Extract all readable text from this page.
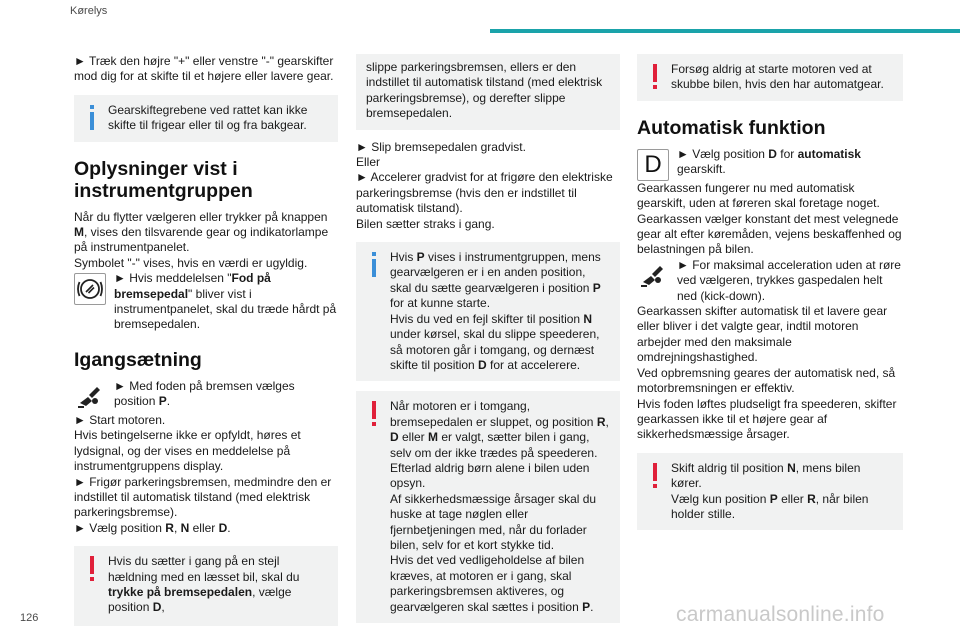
Kørelys

► Træk den højre "+" eller venstre "-" gearskifter mod dig for at skifte til et højere eller lavere gear.

Gearskiftegrebene ved rattet kan ikke skifte til frigear eller til og fra bakgear.

Oplysninger vist i instrumentgruppen

Når du flytter vælgeren eller trykker på knappen M, vises den tilsvarende gear og indikatorlampe på instrumentpanelet.

Symbolet "-" vises, hvis en værdi er ugyldig.

► Hvis meddelelsen "Fod på bremsepedal" bliver vist i instrumentpanelet, skal du træde hårdt på bremsepedalen.

Igangsætning

► Med foden på bremsen vælges position P.

► Start motoren.

Hvis betingelserne ikke er opfyldt, høres et lydsignal, og der vises en meddelelse på instrumentgruppens display.

► Frigør parkeringsbremsen, medmindre den er indstillet til automatisk tilstand (med elektrisk parkeringsbremse).

► Vælg position R, N eller D.

Hvis du sætter i gang på en stejl hældning med en læsset bil, skal du trykke på bremsepedalen, vælge position D,

slippe parkeringsbremsen, ellers er den indstillet til automatisk tilstand (med elektrisk parkeringsbremse), og derefter slippe bremsepedalen.

► Slip bremsepedalen gradvist.

Eller

► Accelerer gradvist for at frigøre den elektriske parkeringsbremse (hvis den er indstillet til automatisk tilstand).

Bilen sætter straks i gang.

Hvis P vises i instrumentgruppen, mens gearvælgeren er i en anden position, skal du sætte gearvælgeren i position P for at kunne starte.

Hvis du ved en fejl skifter til position N under kørsel, skal du slippe speederen, så motoren går i tomgang, og dernæst skifte til position D for at accelerere.

Når motoren er i tomgang, bremsepedalen er sluppet, og position R, D eller M er valgt, sætter bilen i gang, selv om der ikke trædes på speederen.

Efterlad aldrig børn alene i bilen uden opsyn.

Af sikkerhedsmæssige årsager skal du huske at tage nøglen eller fjernbetjeningen med, når du forlader bilen, selv for et kort stykke tid.

Hvis det ved vedligeholdelse af bilen kræves, at motoren er i gang, skal parkeringsbremsen aktiveres, og gearvælgeren skal sættes i position P.

Forsøg aldrig at starte motoren ved at skubbe bilen, hvis den har automatgear.

Automatisk funktion
D	► Vælg position D for automatisk gearskift.

Gearkassen fungerer nu med automatisk gearskift, uden at føreren skal foretage noget. Gearkassen vælger konstant det mest velegnede gear alt efter køremåden, vejens beskaffenhed og belastningen på bilen.

► For maksimal acceleration uden at røre ved vælgeren, trykkes gaspedalen helt ned (kick-down).

Gearkassen skifter automatisk til et lavere gear eller bliver i det valgte gear, indtil motoren arbejder med den maksimale omdrejningshastighed.

Ved opbremsning geares der automatisk ned, så motorbremsningen er effektiv.

Hvis foden løftes pludseligt fra speederen, skifter gearkassen ikke til et højere gear af sikkerhedsmæssige årsager.

Skift aldrig til position N, mens bilen kører.

Vælg kun position P eller R, når bilen holder stille.

126	carmanualsonline.info
